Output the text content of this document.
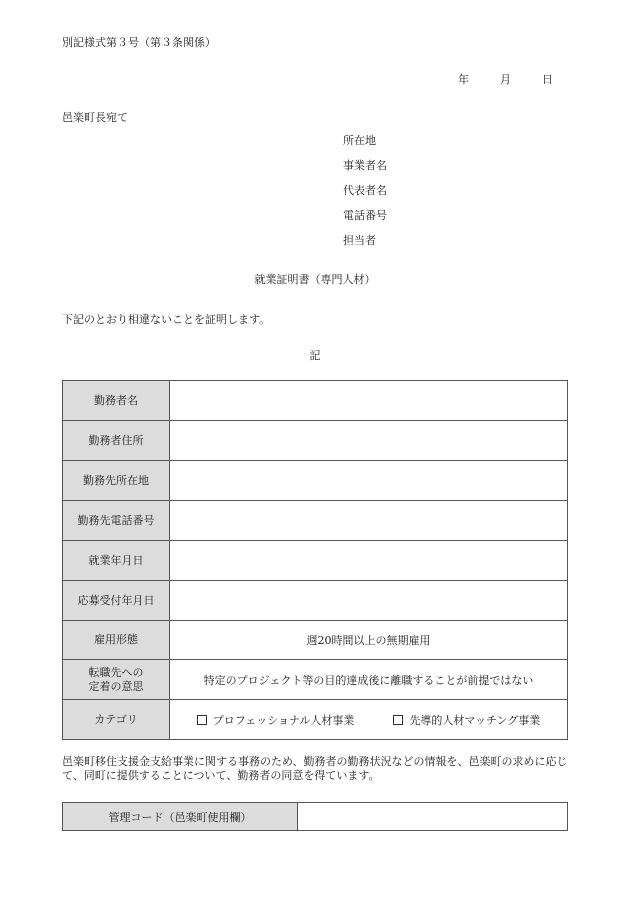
別記様式第３号（第３条関係）
年	月	日
邑楽町長宛て
所在地
事業者名
代表者名
電話番号
担当者
就業証明書（専門人材）
下記のとおり相違ないことを証明します。
記
勤務者名	
勤務者住所	
勤務先所在地	
勤務先電話番号	
就業年月日	
応募受付年月日	
雇用形態	週20時間以上の無期雇用

転職先への
定着の意思	特定のプロジェクト等の目的達成後に離職することが前提ではない
カテゴリ	プロフェッショナル人材事業 先導的人材マッチング事業
邑楽町移住支援金支給事業に関する事務のため、勤務者の勤務状況などの情報を、邑楽町の求めに応じて、同町に提供することについて、勤務者の同意を得ています。
管理コード（邑楽町使用欄）	
